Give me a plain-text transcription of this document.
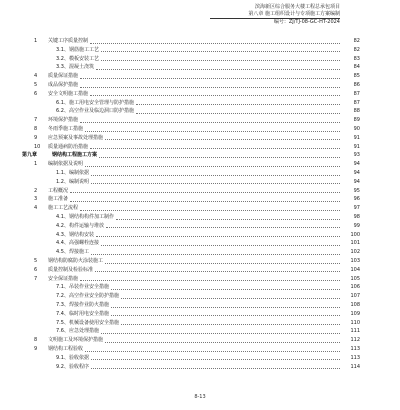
滨海新区综合服务大楼工程总承包项目
第八章 施工组织设计与专项施工方案编制
编号：ZJ/TJ-08-GC-HT-2024
1 关键工序质量控制	82
3.1、钢筋施工工艺	82
3.2、模板安装工艺	83
3.3、混凝土浇筑	84
4 质量保证措施	85
5 成品保护措施	86
6 安全文明施工措施	87
6.1、施工用电安全管理与防护措施	87
6.2、高空作业及临边洞口防护措施	88
7 环境保护措施	89
8 冬雨季施工措施	90
9 应急预案及事故处理措施	91
10 质量通病防治措施	91
第九章	钢结构工程施工方案	93
1 编制依据及说明	94
1.1、编制依据	94
1.2、编制说明	94
2 工程概况	95
3 施工准备	96
4 施工工艺流程	97
4.1、钢结构构件加工制作	98
4.2、构件运输与堆放	99
4.3、钢结构安装	100
4.4、高强螺栓连接	101
4.5、焊接施工	102
5 钢结构防腐防火涂装施工	103
6 质量控制及检验标准	104
7 安全保证措施	105
7.1、吊装作业安全措施	106
7.2、高空作业安全防护措施	107
7.3、焊接作业防火措施	108
7.4、临时用电安全措施	109
7.5、机械设备使用安全措施	110
7.6、应急处理措施	111
8 文明施工及环境保护措施	112
9 钢结构工程验收	113
9.1、验收依据	113
9.2、验收程序	114
8-13
